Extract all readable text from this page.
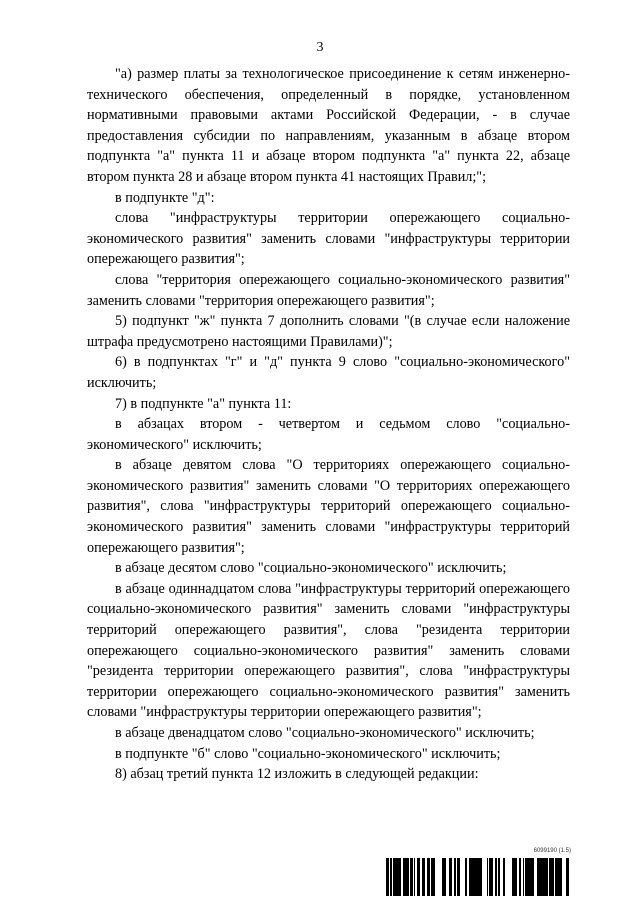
3

"а) размер платы за технологическое присоединение к сетям инженерно-технического обеспечения, определенный в порядке, установленном нормативными правовыми актами Российской Федерации, - в случае предоставления субсидии по направлениям, указанным в абзаце втором подпункта "а" пункта 11 и абзаце втором подпункта "а" пункта 22, абзаце втором пункта 28 и абзаце втором пункта 41 настоящих Правил;";

в подпункте "д":

слова "инфраструктуры территории опережающего социально-экономического развития" заменить словами "инфраструктуры территории опережающего развития";

слова "территория опережающего социально-экономического развития" заменить словами "территория опережающего развития";

5) подпункт "ж" пункта 7 дополнить словами "(в случае если наложение штрафа предусмотрено настоящими Правилами)";

6) в подпунктах "г" и "д" пункта 9 слово "социально-экономического" исключить;

7) в подпункте "а" пункта 11:

в абзацах втором - четвертом и седьмом слово "социально-экономического" исключить;

в абзаце девятом слова "О территориях опережающего социально-экономического развития" заменить словами "О территориях опережающего развития", слова "инфраструктуры территорий опережающего социально-экономического развития" заменить словами "инфраструктуры территорий опережающего развития";

в абзаце десятом слово "социально-экономического" исключить;

в абзаце одиннадцатом слова "инфраструктуры территорий опережающего социально-экономического развития" заменить словами "инфраструктуры территорий опережающего развития", слова "резидента территории опережающего социально-экономического развития" заменить словами "резидента территории опережающего развития", слова "инфраструктуры территории опережающего социально-экономического развития" заменить словами "инфраструктуры территории опережающего развития";

в абзаце двенадцатом слово "социально-экономического" исключить;

в подпункте "б" слово "социально-экономического" исключить;

8) абзац третий пункта 12 изложить в следующей редакции:

6099190 (1.5)
